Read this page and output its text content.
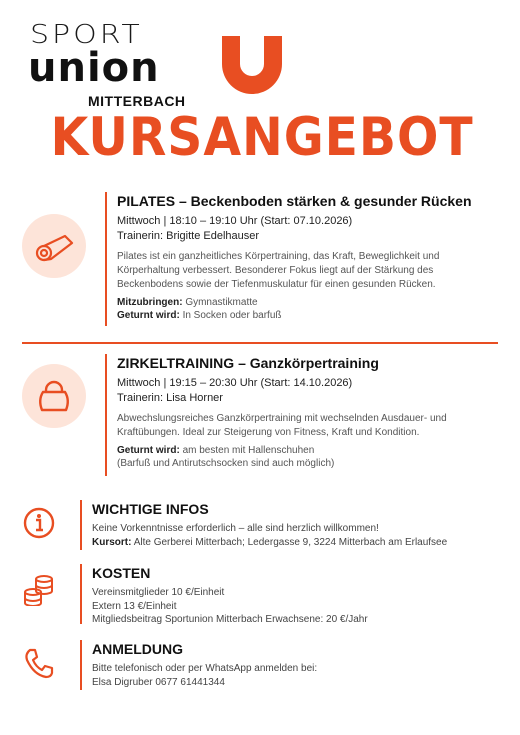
SPORT
union
MITTERBACH
KURSANGEBOT
PILATES – Beckenboden stärken & gesunder Rücken
Mittwoch | 18:10 – 19:10 Uhr (Start: 07.10.2026)
Trainerin: Brigitte Edelhauser
Pilates ist ein ganzheitliches Körpertraining, das Kraft, Beweglichkeit und Körperhaltung verbessert. Besonderer Fokus liegt auf der Stärkung des Beckenbodens sowie der Tiefenmuskulatur für einen gesunden Rücken.
Mitzubringen: Gymnastikmatte
Geturnt wird: In Socken oder barfuß
ZIRKELTRAINING – Ganzkörpertraining
Mittwoch | 19:15 – 20:30 Uhr (Start: 14.10.2026)
Trainerin: Lisa Horner
Abwechslungsreiches Ganzkörpertraining mit wechselnden Ausdauer- und Kraftübungen. Ideal zur Steigerung von Fitness, Kraft und Kondition.
Geturnt wird: am besten mit Hallenschuhen
(Barfuß und Antirutschsocken sind auch möglich)
WICHTIGE INFOS
Keine Vorkenntnisse erforderlich – alle sind herzlich willkommen!
Kursort: Alte Gerberei Mitterbach; Ledergasse 9, 3224 Mitterbach am Erlaufsee
KOSTEN
Vereinsmitglieder 10 €/Einheit
Extern 13 €/Einheit
Mitgliedsbeitrag Sportunion Mitterbach Erwachsene: 20 €/Jahr
ANMELDUNG
Bitte telefonisch oder per WhatsApp anmelden bei:
Elsa Digruber 0677 61441344
